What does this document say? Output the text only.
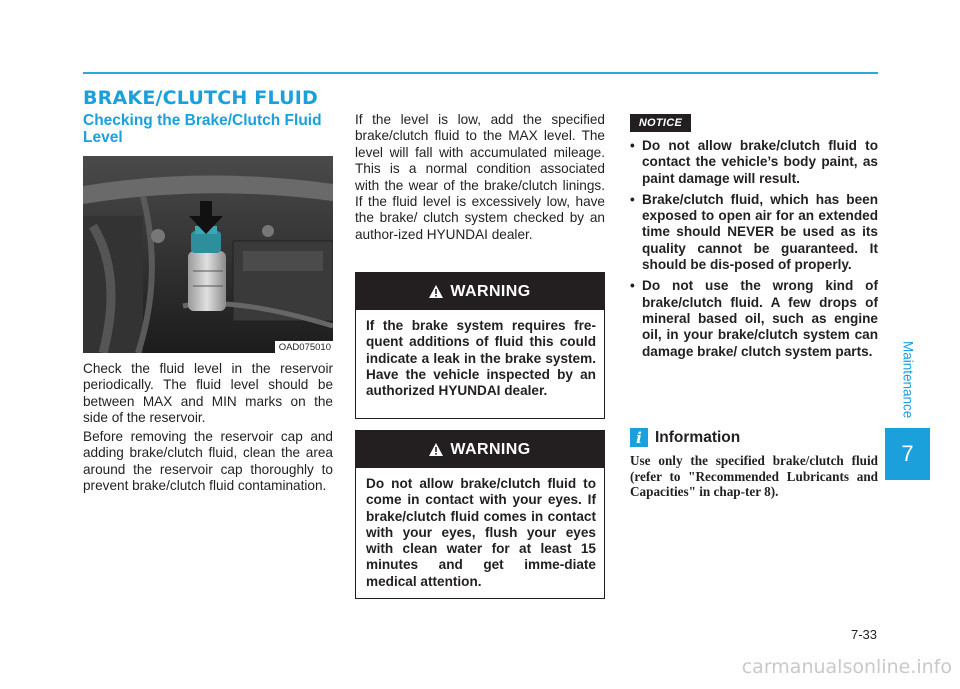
BRAKE/CLUTCH FLUID
Checking the Brake/Clutch Fluid Level
OAD075010

Check the fluid level in the reservoir periodically. The fluid level should be between MAX and MIN marks on the side of the reservoir.

Before removing the reservoir cap and adding brake/clutch fluid, clean the area around the reservoir cap thoroughly to prevent brake/clutch fluid contamination.

If the level is low, add the specified brake/clutch fluid to the MAX level. The level will fall with accumulated mileage. This is a normal condition associated with the wear of the brake/clutch linings. If the fluid level is excessively low, have the brake/ clutch system checked by an author-ized HYUNDAI dealer.

WARNING
If the brake system requires fre-quent additions of fluid this could indicate a leak in the brake system. Have the vehicle inspected by an authorized HYUNDAI dealer.
WARNING
Do not allow brake/clutch fluid to come in contact with your eyes. If brake/clutch fluid comes in contact with your eyes, flush your eyes with clean water for at least 15 minutes and get imme-diate medical attention.
NOTICE
• Do not allow brake/clutch fluid to contact the vehicle’s body paint, as paint damage will result.
• Brake/clutch fluid, which has been exposed to open air for an extended time should NEVER be used as its quality cannot be guaranteed. It should be dis-posed of properly.
• Do not use the wrong kind of brake/clutch fluid. A few drops of mineral based oil, such as engine oil, in your brake/clutch system can damage brake/ clutch system parts.
i Information

Use only the specified brake/clutch fluid (refer to "Recommended Lubricants and Capacities" in chap-ter 8).

Maintenance
7
7-33
carmanualsonline.info
